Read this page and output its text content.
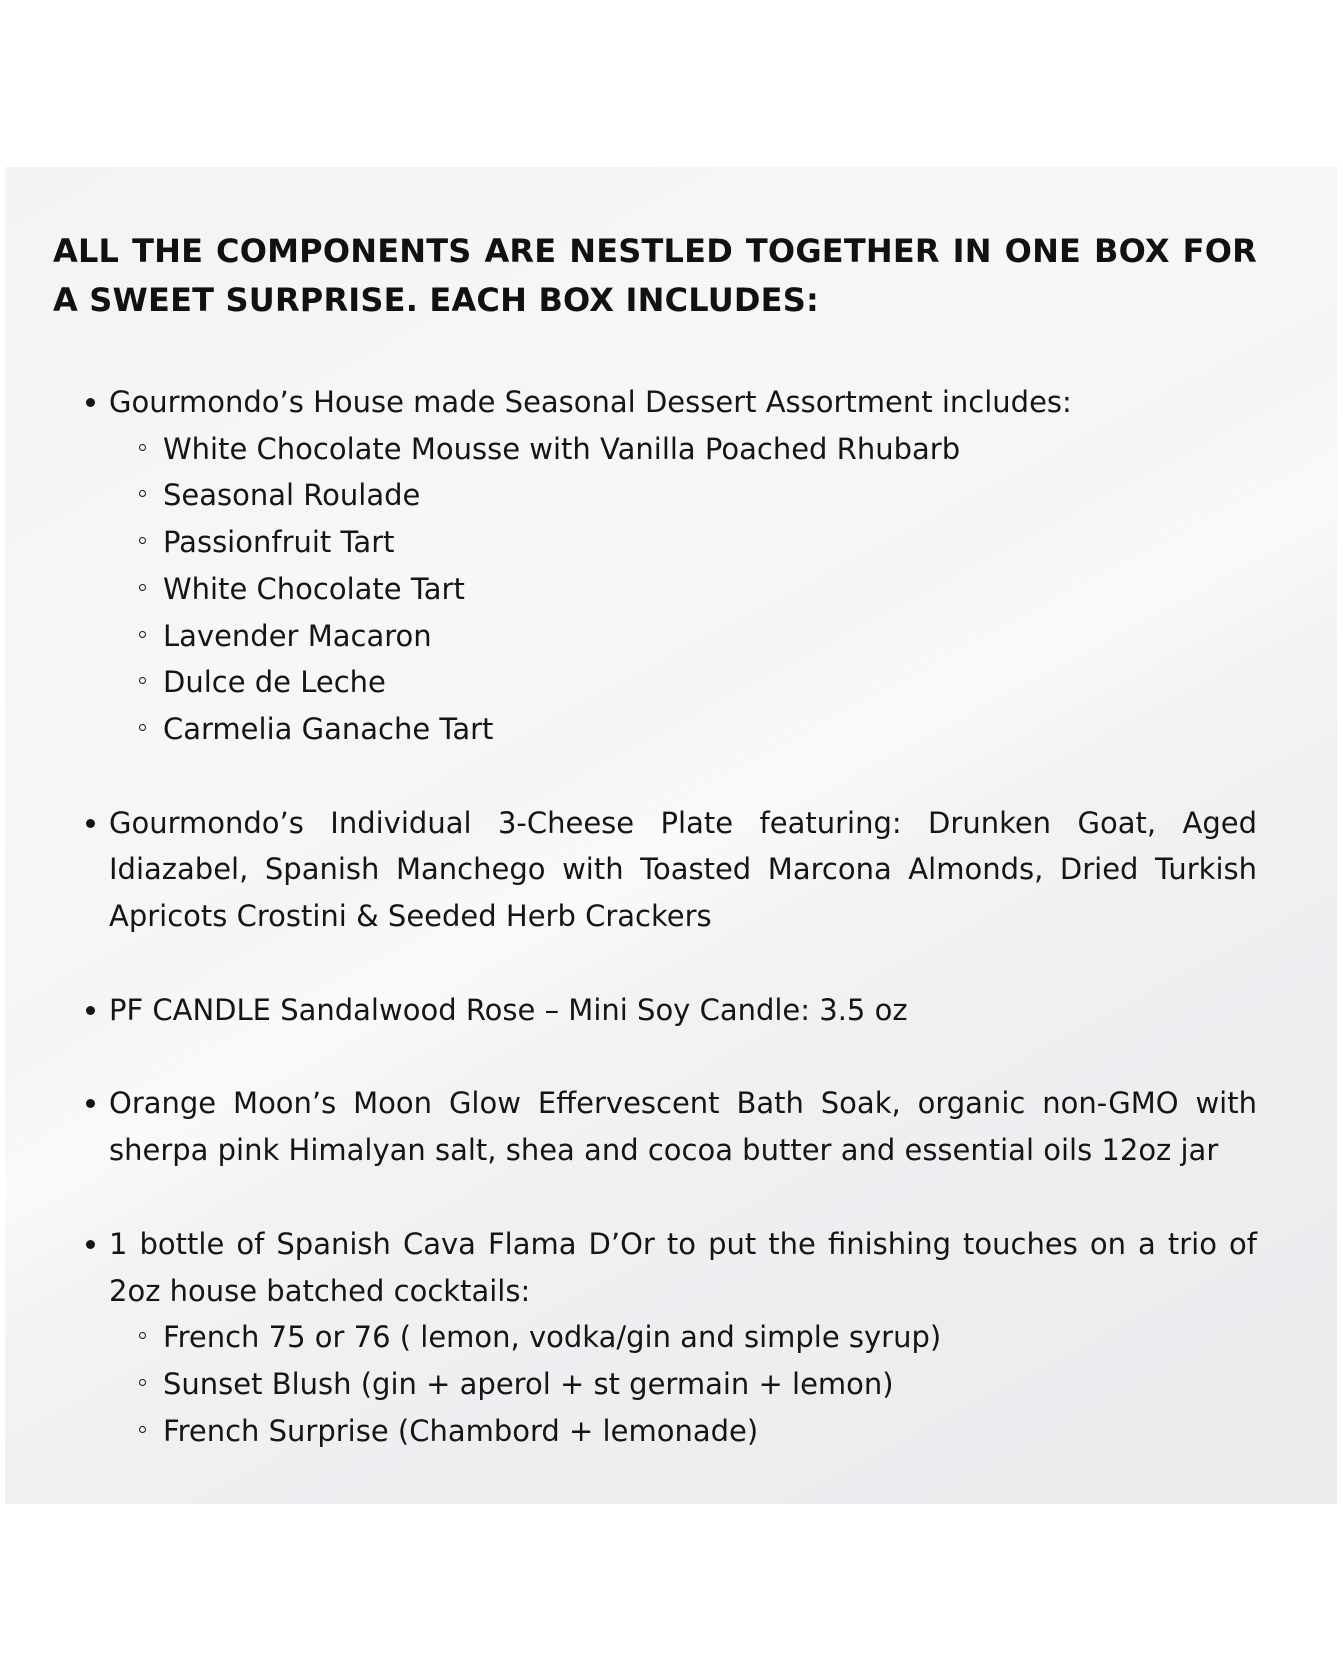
ALL THE COMPONENTS ARE NESTLED TOGETHER IN ONE BOX FOR A SWEET SURPRISE. EACH BOX INCLUDES:
Gourmondo’s House made Seasonal Dessert Assortment includes:
White Chocolate Mousse with Vanilla Poached Rhubarb
Seasonal Roulade
Passionfruit Tart
White Chocolate Tart
Lavender Macaron
Dulce de Leche
Carmelia Ganache Tart
Gourmondo’s Individual 3-Cheese Plate featuring: Drunken Goat, Aged Idiazabel, Spanish Manchego with Toasted Marcona Almonds, Dried Turkish Apricots Crostini & Seeded Herb Crackers
PF CANDLE Sandalwood Rose – Mini Soy Candle: 3.5 oz
Orange Moon’s Moon Glow Effervescent Bath Soak, organic non-GMO with sherpa pink Himalyan salt, shea and cocoa butter and essential oils 12oz jar
1 bottle of Spanish Cava Flama D’Or to put the finishing touches on a trio of 2oz house batched cocktails:
French 75 or 76 ( lemon, vodka/gin and simple syrup)
Sunset Blush (gin + aperol + st germain + lemon)
French Surprise (Chambord + lemonade)
